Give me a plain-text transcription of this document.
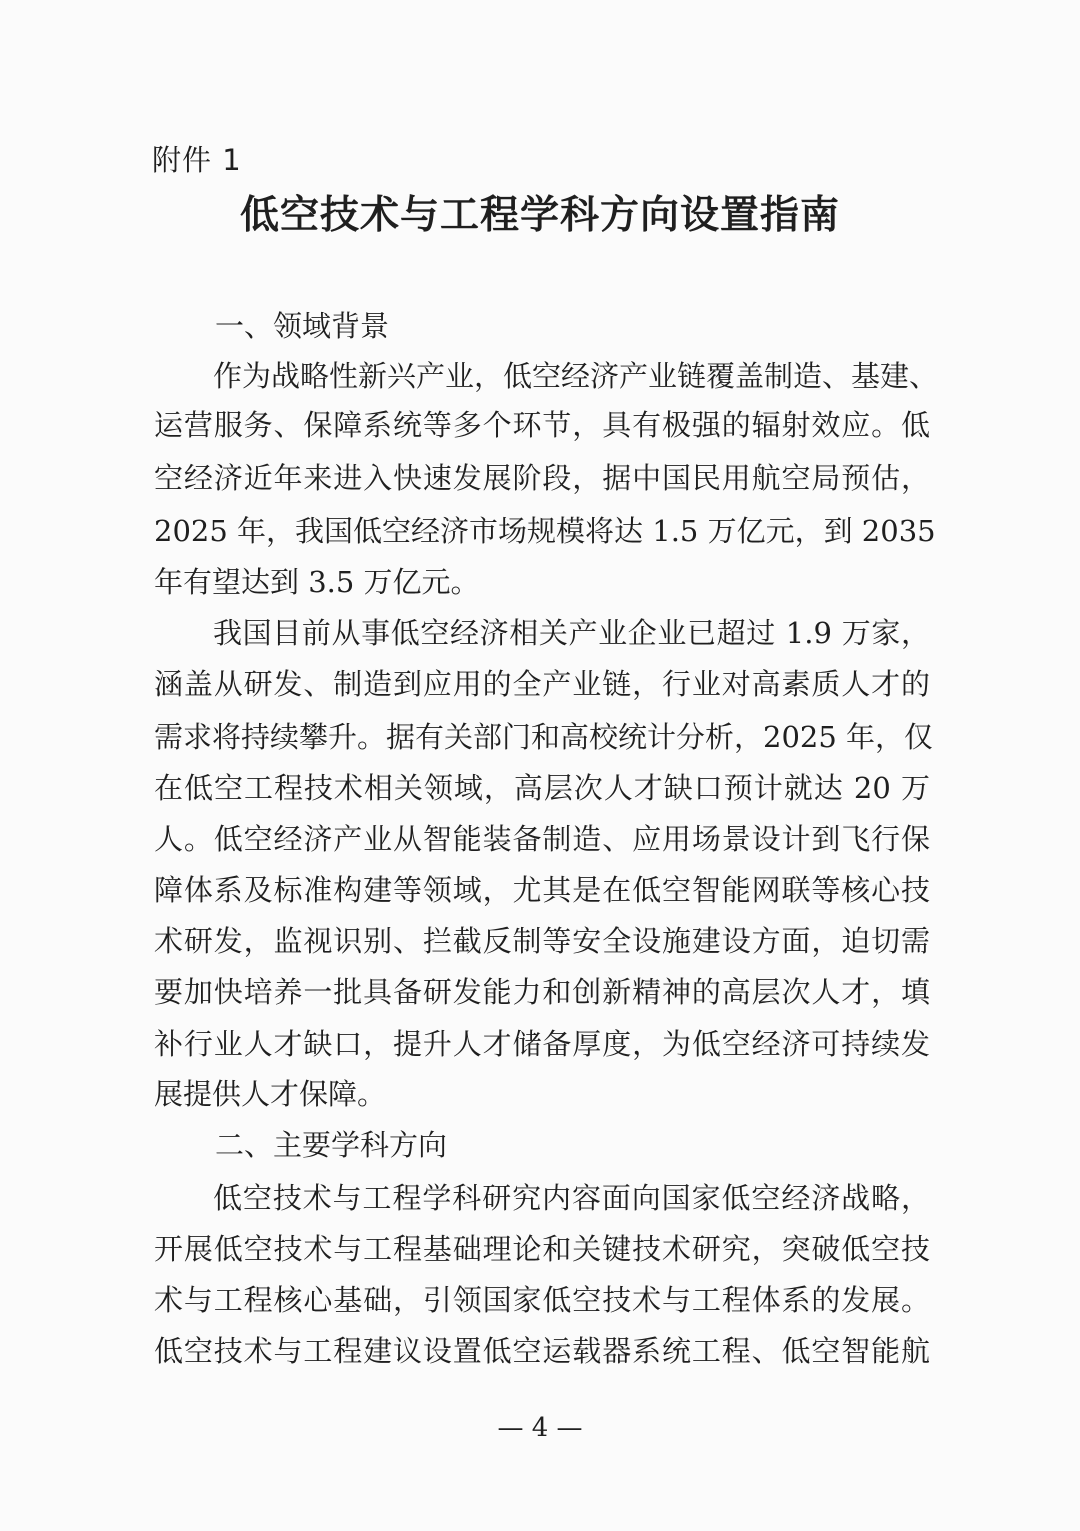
附件 1
低空技术与工程学科方向设置指南
一、领域背景
作为战略性新兴产业，低空经济产业链覆盖制造、基建、
运营服务、保障系统等多个环节，具有极强的辐射效应。低
空经济近年来进入快速发展阶段，据中国民用航空局预估，
2025 年，我国低空经济市场规模将达 1.5 万亿元，到 2035
年有望达到 3.5 万亿元。
我国目前从事低空经济相关产业企业已超过 1.9 万家，
涵盖从研发、制造到应用的全产业链，行业对高素质人才的
需求将持续攀升。据有关部门和高校统计分析，2025 年，仅
在低空工程技术相关领域，高层次人才缺口预计就达 20 万
人。低空经济产业从智能装备制造、应用场景设计到飞行保
障体系及标准构建等领域，尤其是在低空智能网联等核心技
术研发，监视识别、拦截反制等安全设施建设方面，迫切需
要加快培养一批具备研发能力和创新精神的高层次人才，填
补行业人才缺口，提升人才储备厚度，为低空经济可持续发
展提供人才保障。
二、主要学科方向
低空技术与工程学科研究内容面向国家低空经济战略，
开展低空技术与工程基础理论和关键技术研究，突破低空技
术与工程核心基础，引领国家低空技术与工程体系的发展。
低空技术与工程建议设置低空运载器系统工程、低空智能航
— 4 —
